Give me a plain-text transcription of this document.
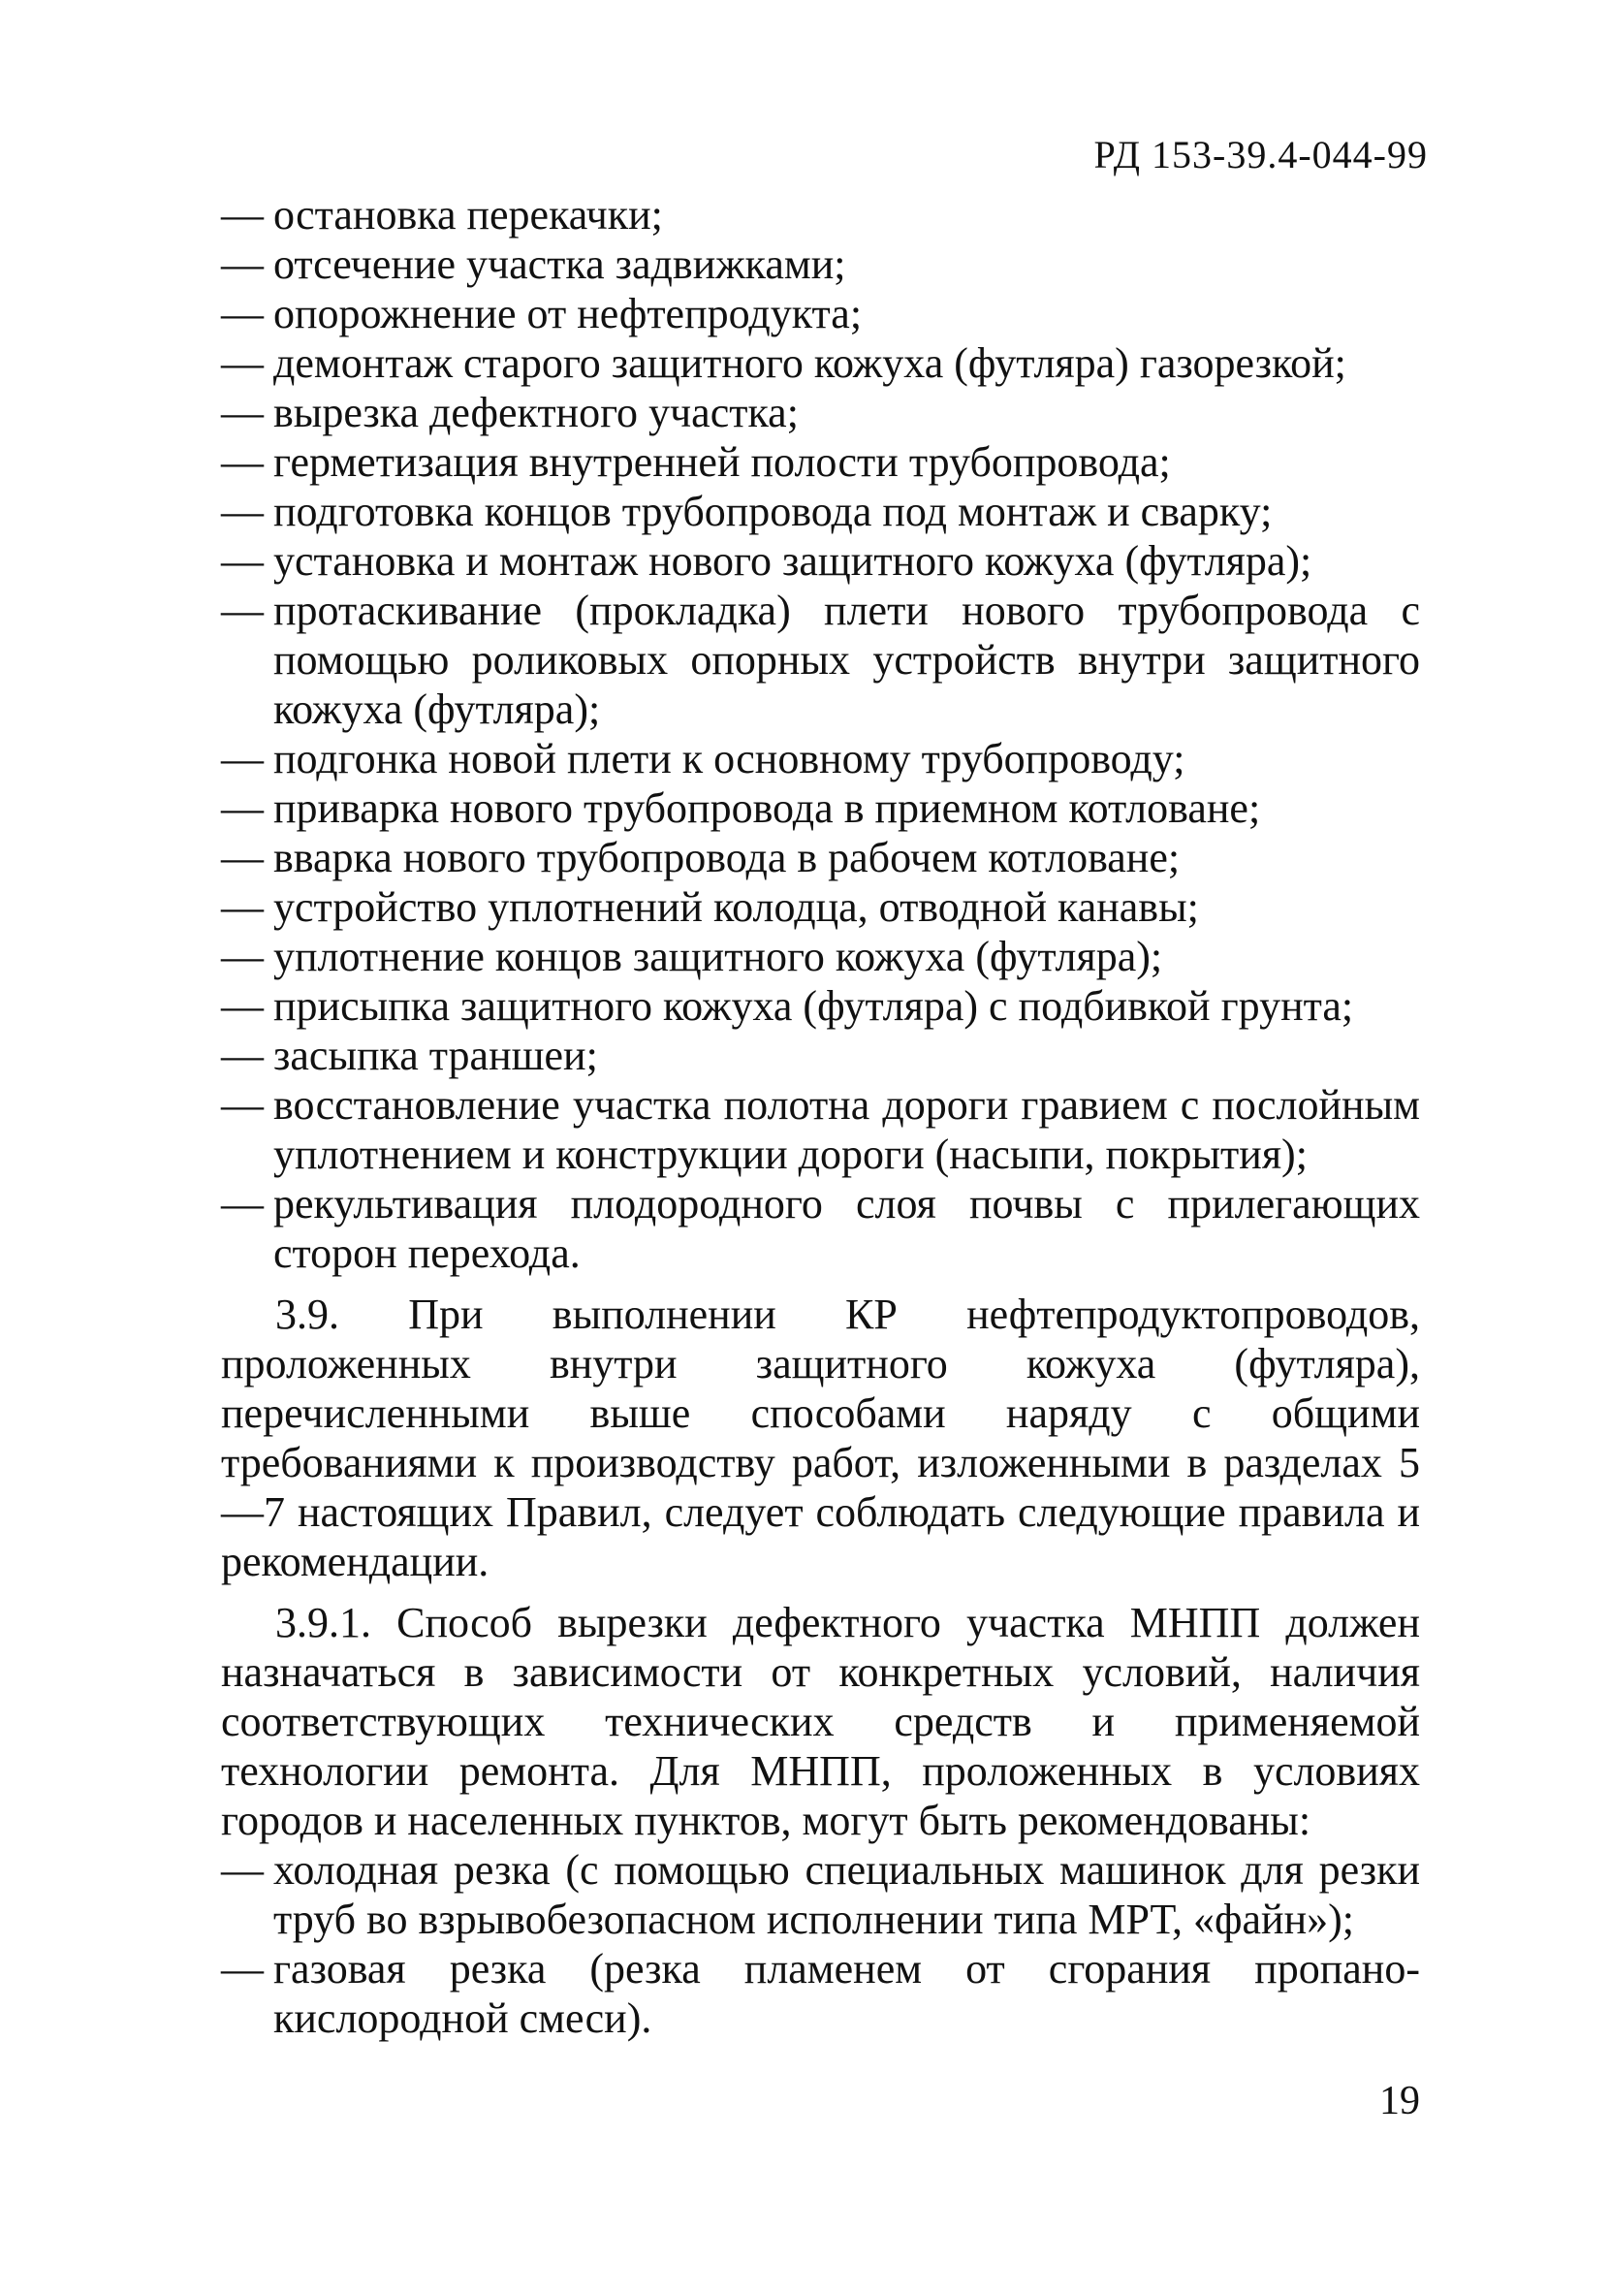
РД 153-39.4-044-99
— остановка перекачки;
— отсечение участка задвижками;
— опорожнение от нефтепродукта;
— демонтаж старого защитного кожуха (футляра) газорезкой;
— вырезка дефектного участка;
— герметизация внутренней полости трубопровода;
— подготовка концов трубопровода под монтаж и сварку;
— установка и монтаж нового защитного кожуха (футляра);
— протаскивание (прокладка) плети нового трубопровода с помощью роликовых опорных устройств внутри защитного кожуха (футляра);
— подгонка новой плети к основному трубопроводу;
— приварка нового трубопровода в приемном котловане;
— вварка нового трубопровода в рабочем котловане;
— устройство уплотнений колодца, отводной канавы;
— уплотнение концов защитного кожуха (футляра);
— присыпка защитного кожуха (футляра) с подбивкой грунта;
— засыпка траншеи;
— восстановление участка полотна дороги гравием с послойным уплотнением и конструкции дороги (насыпи, покрытия);
— рекультивация плодородного слоя почвы с прилегающих сторон перехода.

3.9. При выполнении КР нефтепродуктопроводов, проложенных внутри защитного кожуха (футляра), перечисленными выше способами наряду с общими требованиями к производству работ, изложенными в разделах 5—7 настоящих Правил, следует соблюдать следующие правила и рекомендации.

3.9.1. Способ вырезки дефектного участка МНПП должен назначаться в зависимости от конкретных условий, наличия соответствующих технических средств и применяемой технологии ремонта. Для МНПП, проложенных в условиях городов и населенных пунктов, могут быть рекомендованы:

— холодная резка (с помощью специальных машинок для резки труб во взрывобезопасном исполнении типа МРТ, «файн»);
— газовая резка (резка пламенем от сгорания пропано-кислородной смеси).
19
